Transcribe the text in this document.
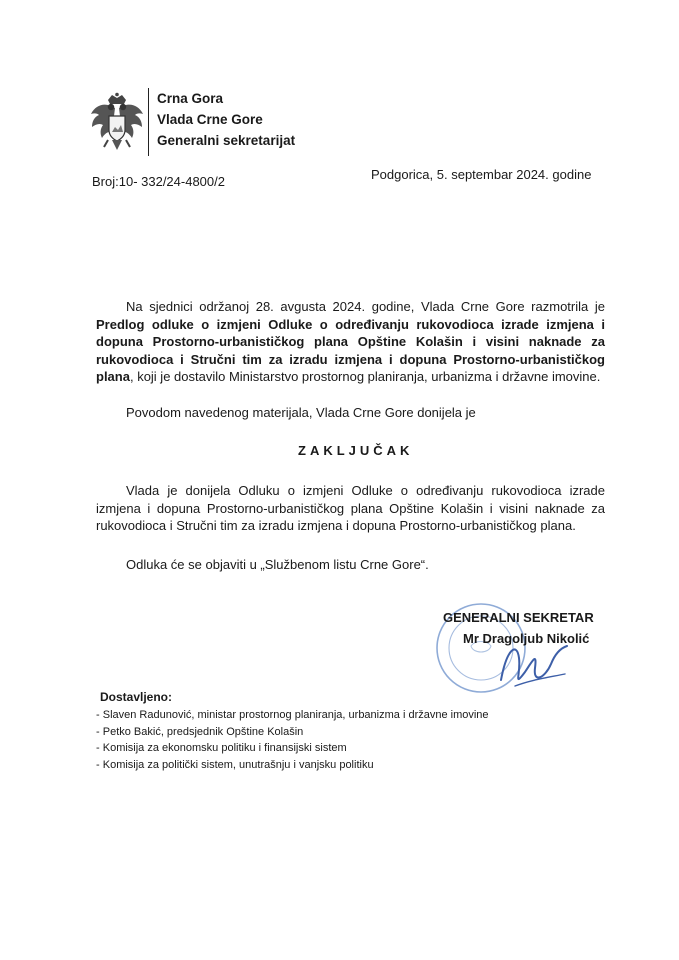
Crna Gora
Vlada Crne Gore
Generalni sekretarijat
Broj:10- 332/24-4800/2	Podgorica, 5. septembar 2024. godine
Na sjednici održanoj 28. avgusta 2024. godine, Vlada Crne Gore razmotrila je Predlog odluke o izmjeni Odluke o određivanju rukovodioca izrade izmjena i dopuna Prostorno-urbanističkog plana Opštine Kolašin i visini naknade za rukovodioca i Stručni tim za izradu izmjena i dopuna Prostorno-urbanističkog plana, koji je dostavilo Ministarstvo prostornog planiranja, urbanizma i državne imovine.
Povodom navedenog materijala, Vlada Crne Gore donijela je
ZAKLJUČAK
Vlada je donijela Odluku o izmjeni Odluke o određivanju rukovodioca izrade izmjena i dopuna Prostorno-urbanističkog plana Opštine Kolašin i visini naknade za rukovodioca i Stručni tim za izradu izmjena i dopuna Prostorno-urbanističkog plana.
Odluka će se objaviti u „Službenom listu Crne Gore“.
GENERALNI SEKRETAR
Mr Dragoljub Nikolić
Dostavljeno:
- Slaven Radunović, ministar prostornog planiranja, urbanizma i državne imovine
- Petko Bakić, predsjednik Opštine Kolašin
- Komisija za ekonomsku politiku i finansijski sistem
- Komisija za politički sistem, unutrašnju i vanjsku politiku
